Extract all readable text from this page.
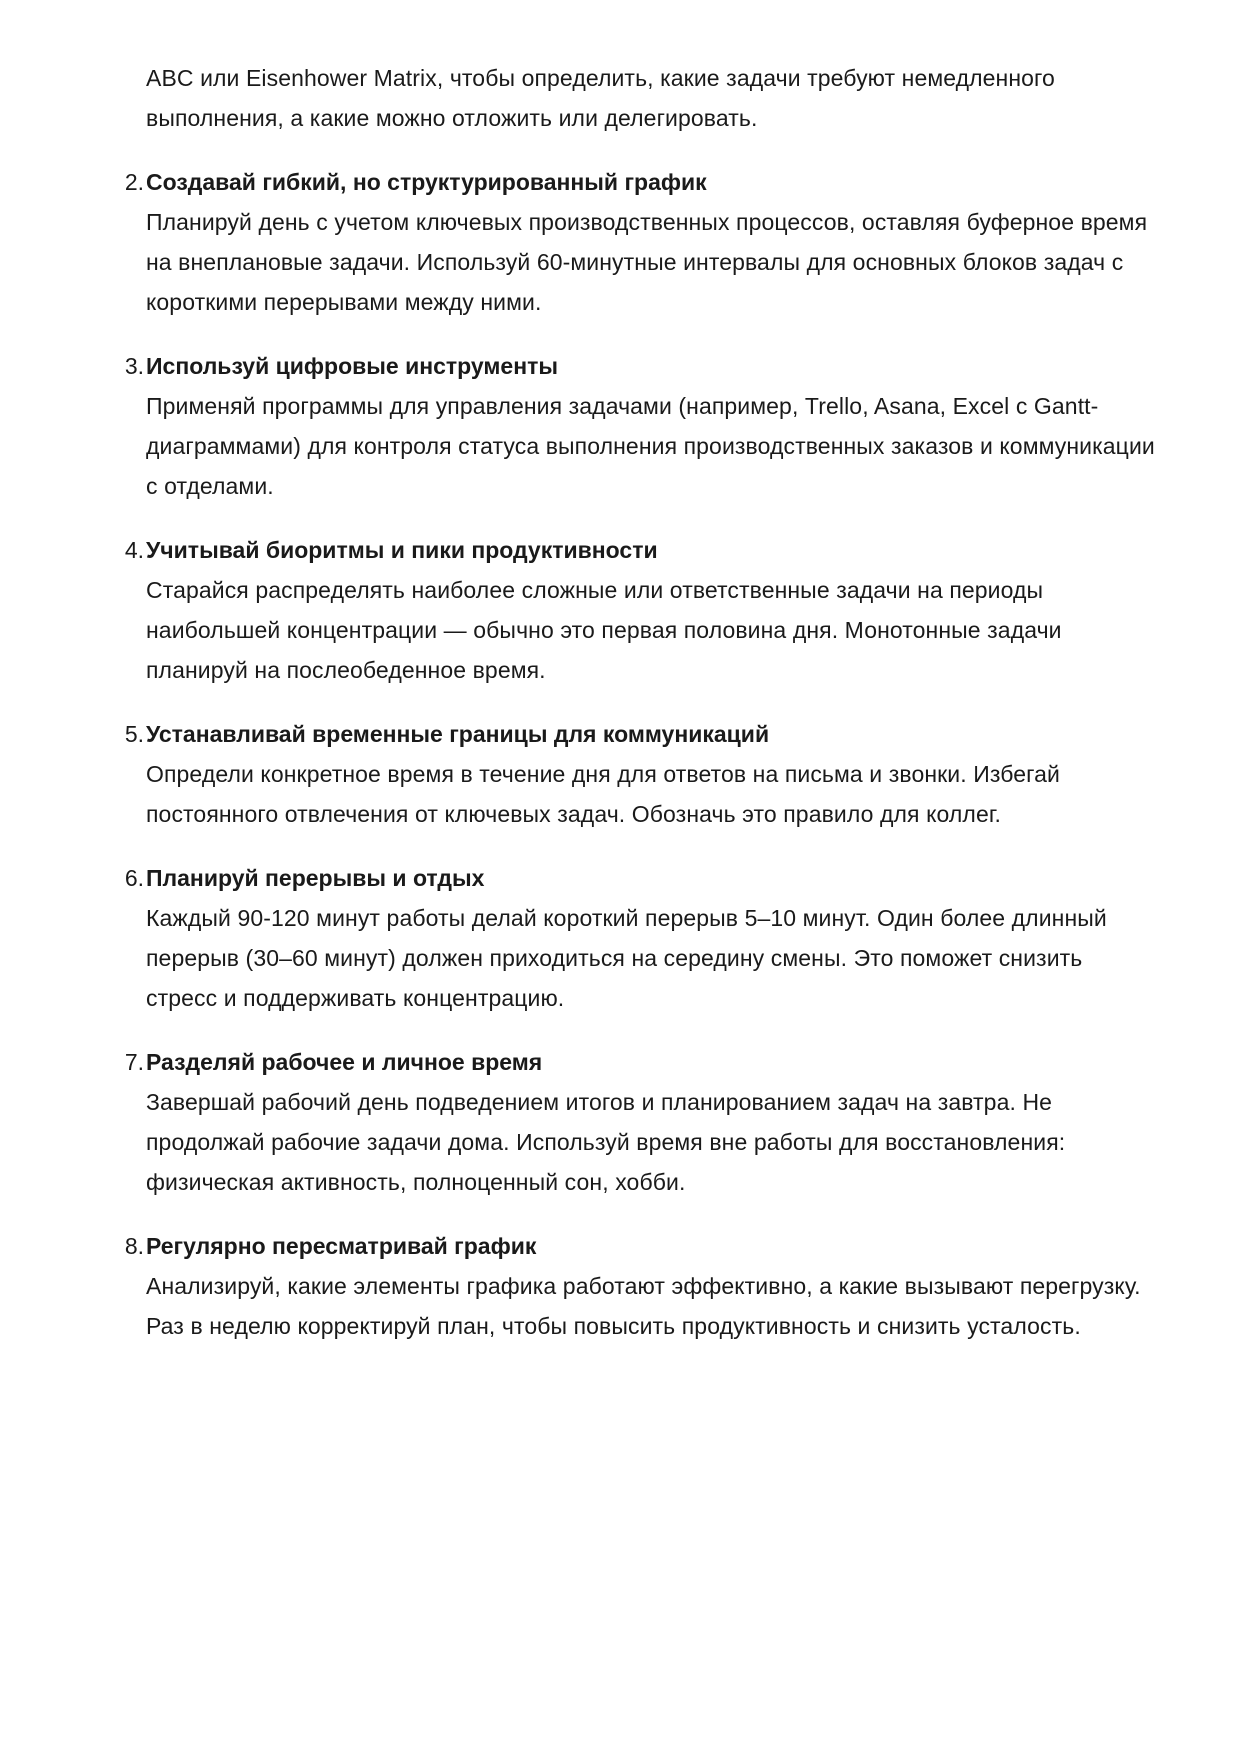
ABC или Eisenhower Matrix, чтобы определить, какие задачи требуют немедленного выполнения, а какие можно отложить или делегировать.

2. Создавай гибкий, но структурированный график

Планируй день с учетом ключевых производственных процессов, оставляя буферное время на внеплановые задачи. Используй 60-минутные интервалы для основных блоков задач с короткими перерывами между ними.

3. Используй цифровые инструменты

Применяй программы для управления задачами (например, Trello, Asana, Excel с Gantt-диаграммами) для контроля статуса выполнения производственных заказов и коммуникации с отделами.

4. Учитывай биоритмы и пики продуктивности

Старайся распределять наиболее сложные или ответственные задачи на периоды наибольшей концентрации — обычно это первая половина дня. Монотонные задачи планируй на послеобеденное время.

5. Устанавливай временные границы для коммуникаций

Определи конкретное время в течение дня для ответов на письма и звонки. Избегай постоянного отвлечения от ключевых задач. Обозначь это правило для коллег.

6. Планируй перерывы и отдых

Каждый 90-120 минут работы делай короткий перерыв 5–10 минут. Один более длинный перерыв (30–60 минут) должен приходиться на середину смены. Это поможет снизить стресс и поддерживать концентрацию.

7. Разделяй рабочее и личное время

Завершай рабочий день подведением итогов и планированием задач на завтра. Не продолжай рабочие задачи дома. Используй время вне работы для восстановления: физическая активность, полноценный сон, хобби.

8. Регулярно пересматривай график

Анализируй, какие элементы графика работают эффективно, а какие вызывают перегрузку. Раз в неделю корректируй план, чтобы повысить продуктивность и снизить усталость.
